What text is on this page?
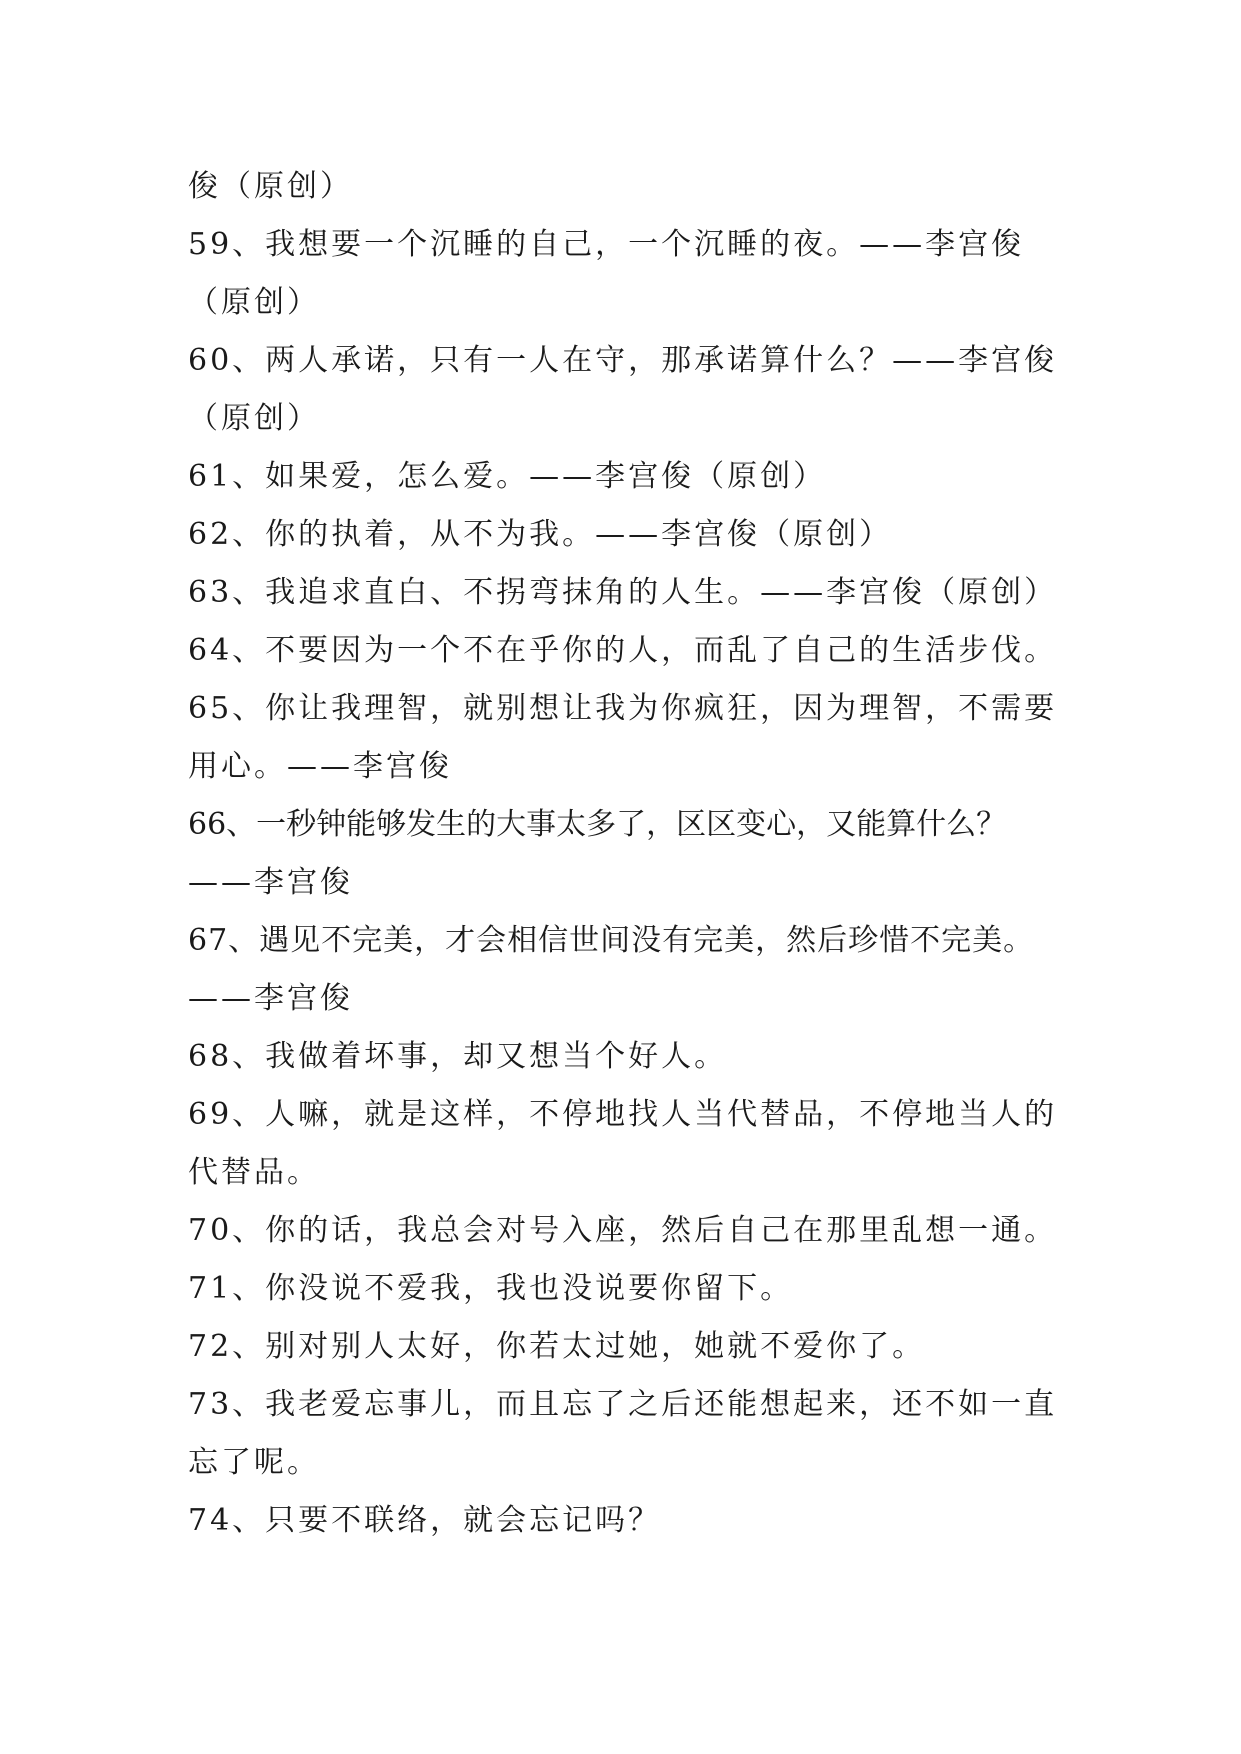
俊（原创）
59、我想要一个沉睡的自己，一个沉睡的夜。——李宫俊
（原创）
60、两人承诺，只有一人在守，那承诺算什么？——李宫俊
（原创）
61、如果爱，怎么爱。——李宫俊（原创）
62、你的执着，从不为我。——李宫俊（原创）
63、我追求直白、不拐弯抹角的人生。——李宫俊（原创）
64、不要因为一个不在乎你的人，而乱了自己的生活步伐。
65、你让我理智，就别想让我为你疯狂，因为理智，不需要
用心。——李宫俊
66、一秒钟能够发生的大事太多了，区区变心，又能算什么？
——李宫俊
67、遇见不完美，才会相信世间没有完美，然后珍惜不完美。
——李宫俊
68、我做着坏事，却又想当个好人。
69、人嘛，就是这样，不停地找人当代替品，不停地当人的
代替品。
70、你的话，我总会对号入座，然后自己在那里乱想一通。
71、你没说不爱我，我也没说要你留下。
72、别对别人太好，你若太过她，她就不爱你了。
73、我老爱忘事儿，而且忘了之后还能想起来，还不如一直
忘了呢。
74、只要不联络，就会忘记吗？
